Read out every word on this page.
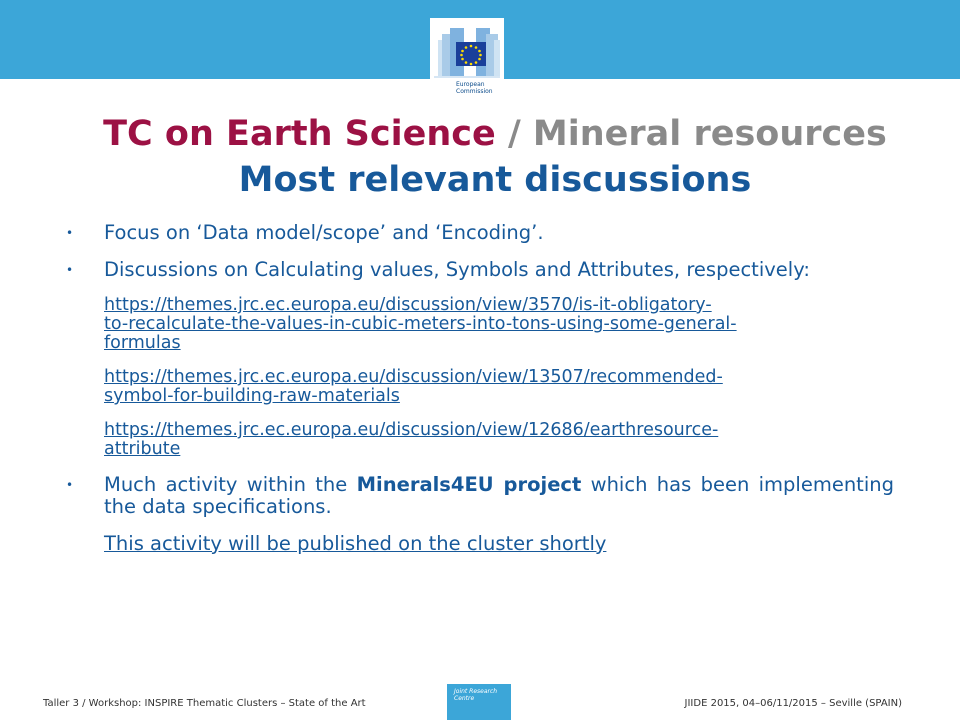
European Commission
TC on Earth Science / Mineral resources
Most relevant discussions
• Focus on ‘Data model/scope’ and ‘Encoding’.
• Discussions on Calculating values, Symbols and Attributes, respectively:
https://themes.jrc.ec.europa.eu/discussion/view/3570/is-it-obligatory-
to-recalculate-the-values-in-cubic-meters-into-tons-using-some-general-
formulas
https://themes.jrc.ec.europa.eu/discussion/view/13507/recommended-
symbol-for-building-raw-materials
https://themes.jrc.ec.europa.eu/discussion/view/12686/earthresource-
attribute
• Much activity within the Minerals4EU project which has been implementing the data specifications.
This activity will be published on the cluster shortly
Taller 3 / Workshop: INSPIRE Thematic Clusters – State of the Art
Joint Research Centre	JIIDE 2015, 04–06/11/2015 – Seville (SPAIN)
